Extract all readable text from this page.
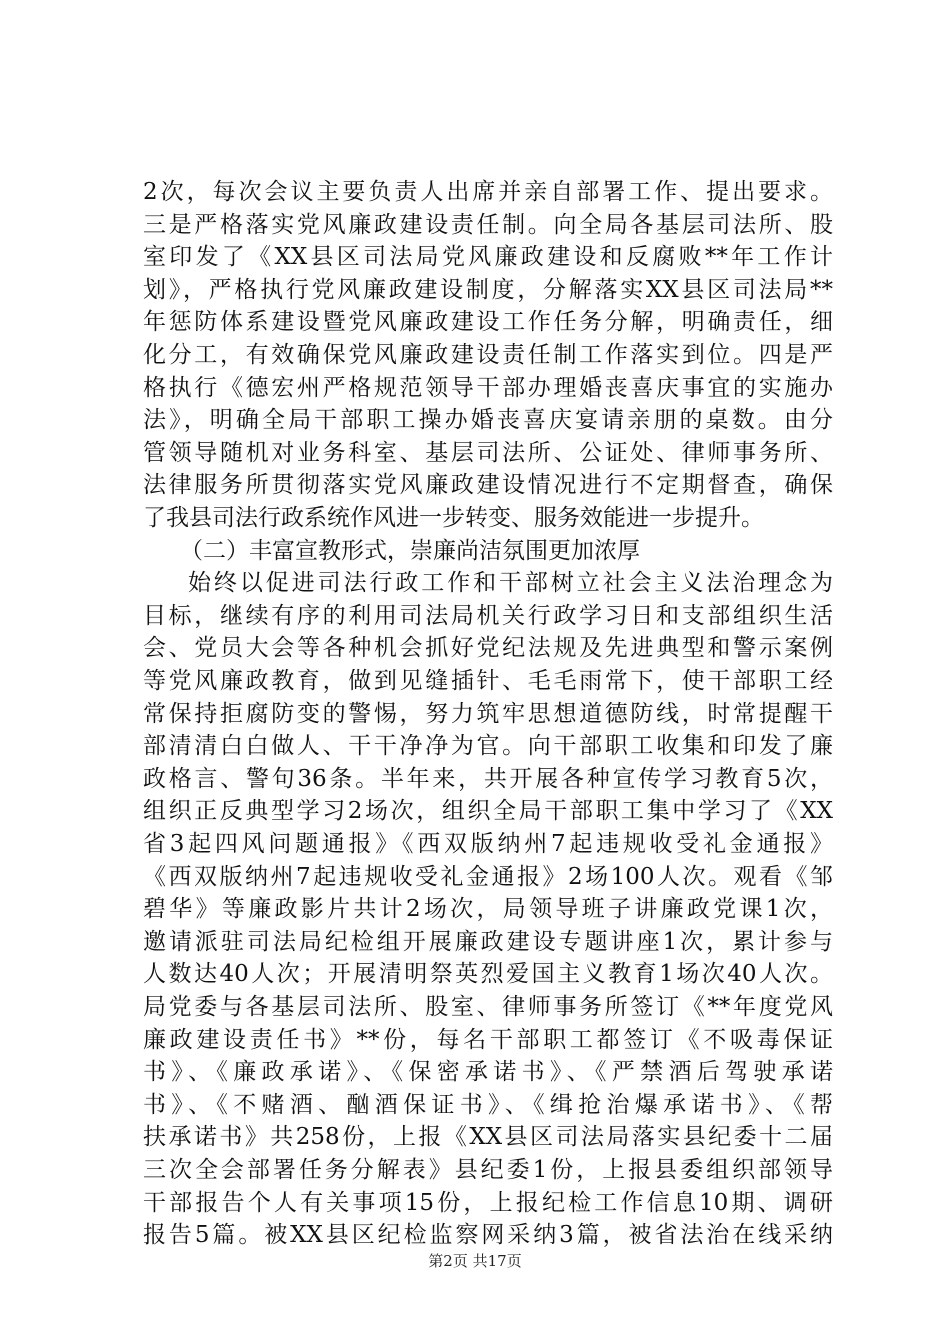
2次，每次会议主要负责人出席并亲自部署工作、提出要求。
三是严格落实党风廉政建设责任制。向全局各基层司法所、股
室印发了《XX县区司法局党风廉政建设和反腐败**年工作计
划》，严格执行党风廉政建设制度，分解落实XX县区司法局**
年惩防体系建设暨党风廉政建设工作任务分解，明确责任，细
化分工，有效确保党风廉政建设责任制工作落实到位。四是严
格执行《德宏州严格规范领导干部办理婚丧喜庆事宜的实施办
法》，明确全局干部职工操办婚丧喜庆宴请亲朋的桌数。由分
管领导随机对业务科室、基层司法所、公证处、律师事务所、
法律服务所贯彻落实党风廉政建设情况进行不定期督查，确保
了我县司法行政系统作风进一步转变、服务效能进一步提升。
（二）丰富宣教形式，崇廉尚洁氛围更加浓厚
始终以促进司法行政工作和干部树立社会主义法治理念为
目标，继续有序的利用司法局机关行政学习日和支部组织生活
会、党员大会等各种机会抓好党纪法规及先进典型和警示案例
等党风廉政教育，做到见缝插针、毛毛雨常下，使干部职工经
常保持拒腐防变的警惕，努力筑牢思想道德防线，时常提醒干
部清清白白做人、干干净净为官。向干部职工收集和印发了廉
政格言、警句36条。半年来，共开展各种宣传学习教育5次，
组织正反典型学习2场次，组织全局干部职工集中学习了《XX
省3起四风问题通报》《西双版纳州7起违规收受礼金通报》
《西双版纳州7起违规收受礼金通报》2场100人次。观看《邹
碧华》等廉政影片共计2场次，局领导班子讲廉政党课1次，
邀请派驻司法局纪检组开展廉政建设专题讲座1次，累计参与
人数达40人次；开展清明祭英烈爱国主义教育1场次40人次。
局党委与各基层司法所、股室、律师事务所签订《**年度党风
廉政建设责任书》**份，每名干部职工都签订《不吸毒保证
书》、《廉政承诺》、《保密承诺书》、《严禁酒后驾驶承诺
书》、《不赌酒、酗酒保证书》、《缉抢治爆承诺书》、《帮
扶承诺书》共258份，上报《XX县区司法局落实县纪委十二届
三次全会部署任务分解表》县纪委1份，上报县委组织部领导
干部报告个人有关事项15份，上报纪检工作信息10期、调研
报告5篇。被XX县区纪检监察网采纳3篇，被省法治在线采纳
第2页 共17页
